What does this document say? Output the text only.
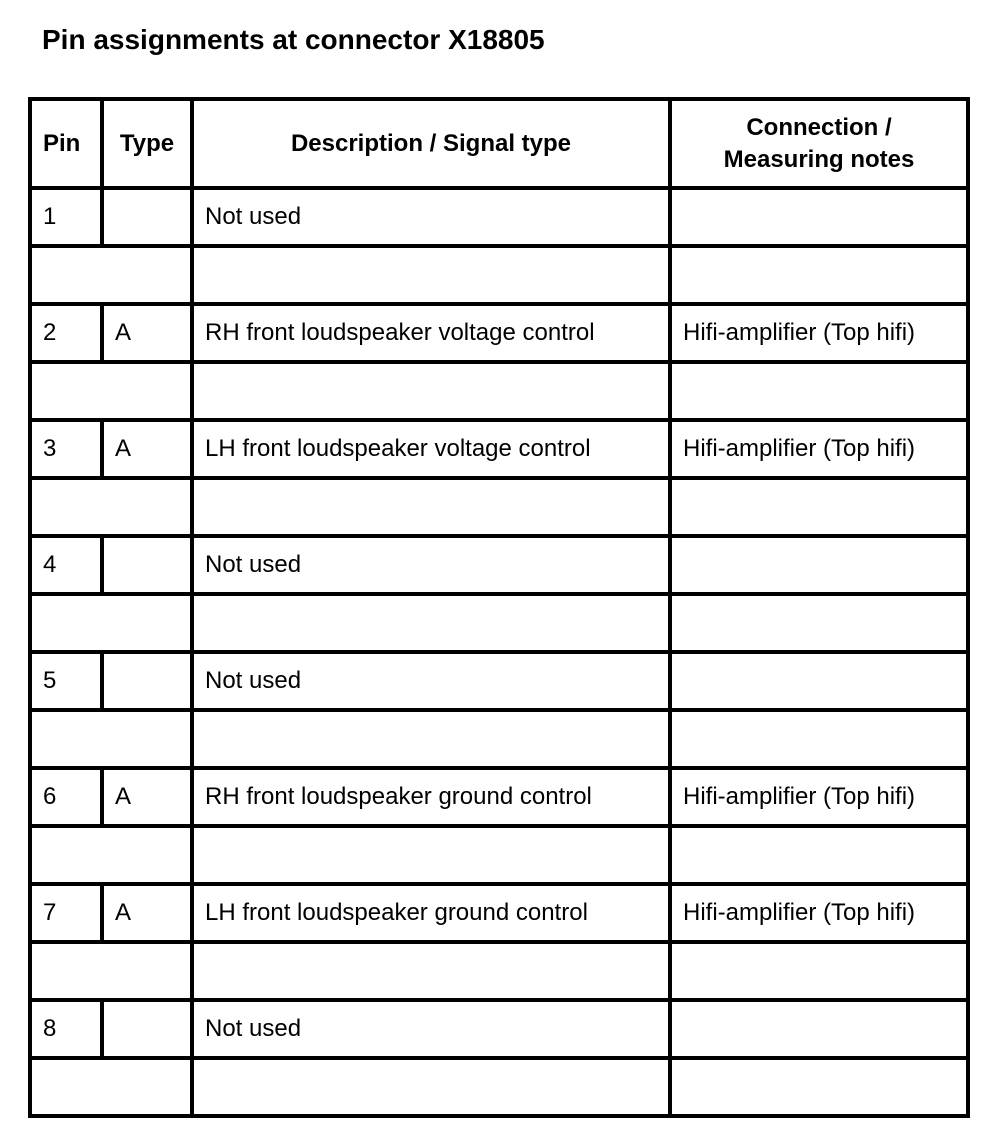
Pin assignments at connector X18805
Pin	Type	Description / Signal type	Connection /
Measuring notes

1		Not used	

2	A	RH front loudspeaker voltage control	Hifi-amplifier (Top hifi)

3	A	LH front loudspeaker voltage control	Hifi-amplifier (Top hifi)

4		Not used	

5		Not used	

6	A	RH front loudspeaker ground control	Hifi-amplifier (Top hifi)

7	A	LH front loudspeaker ground control	Hifi-amplifier (Top hifi)

8		Not used	
